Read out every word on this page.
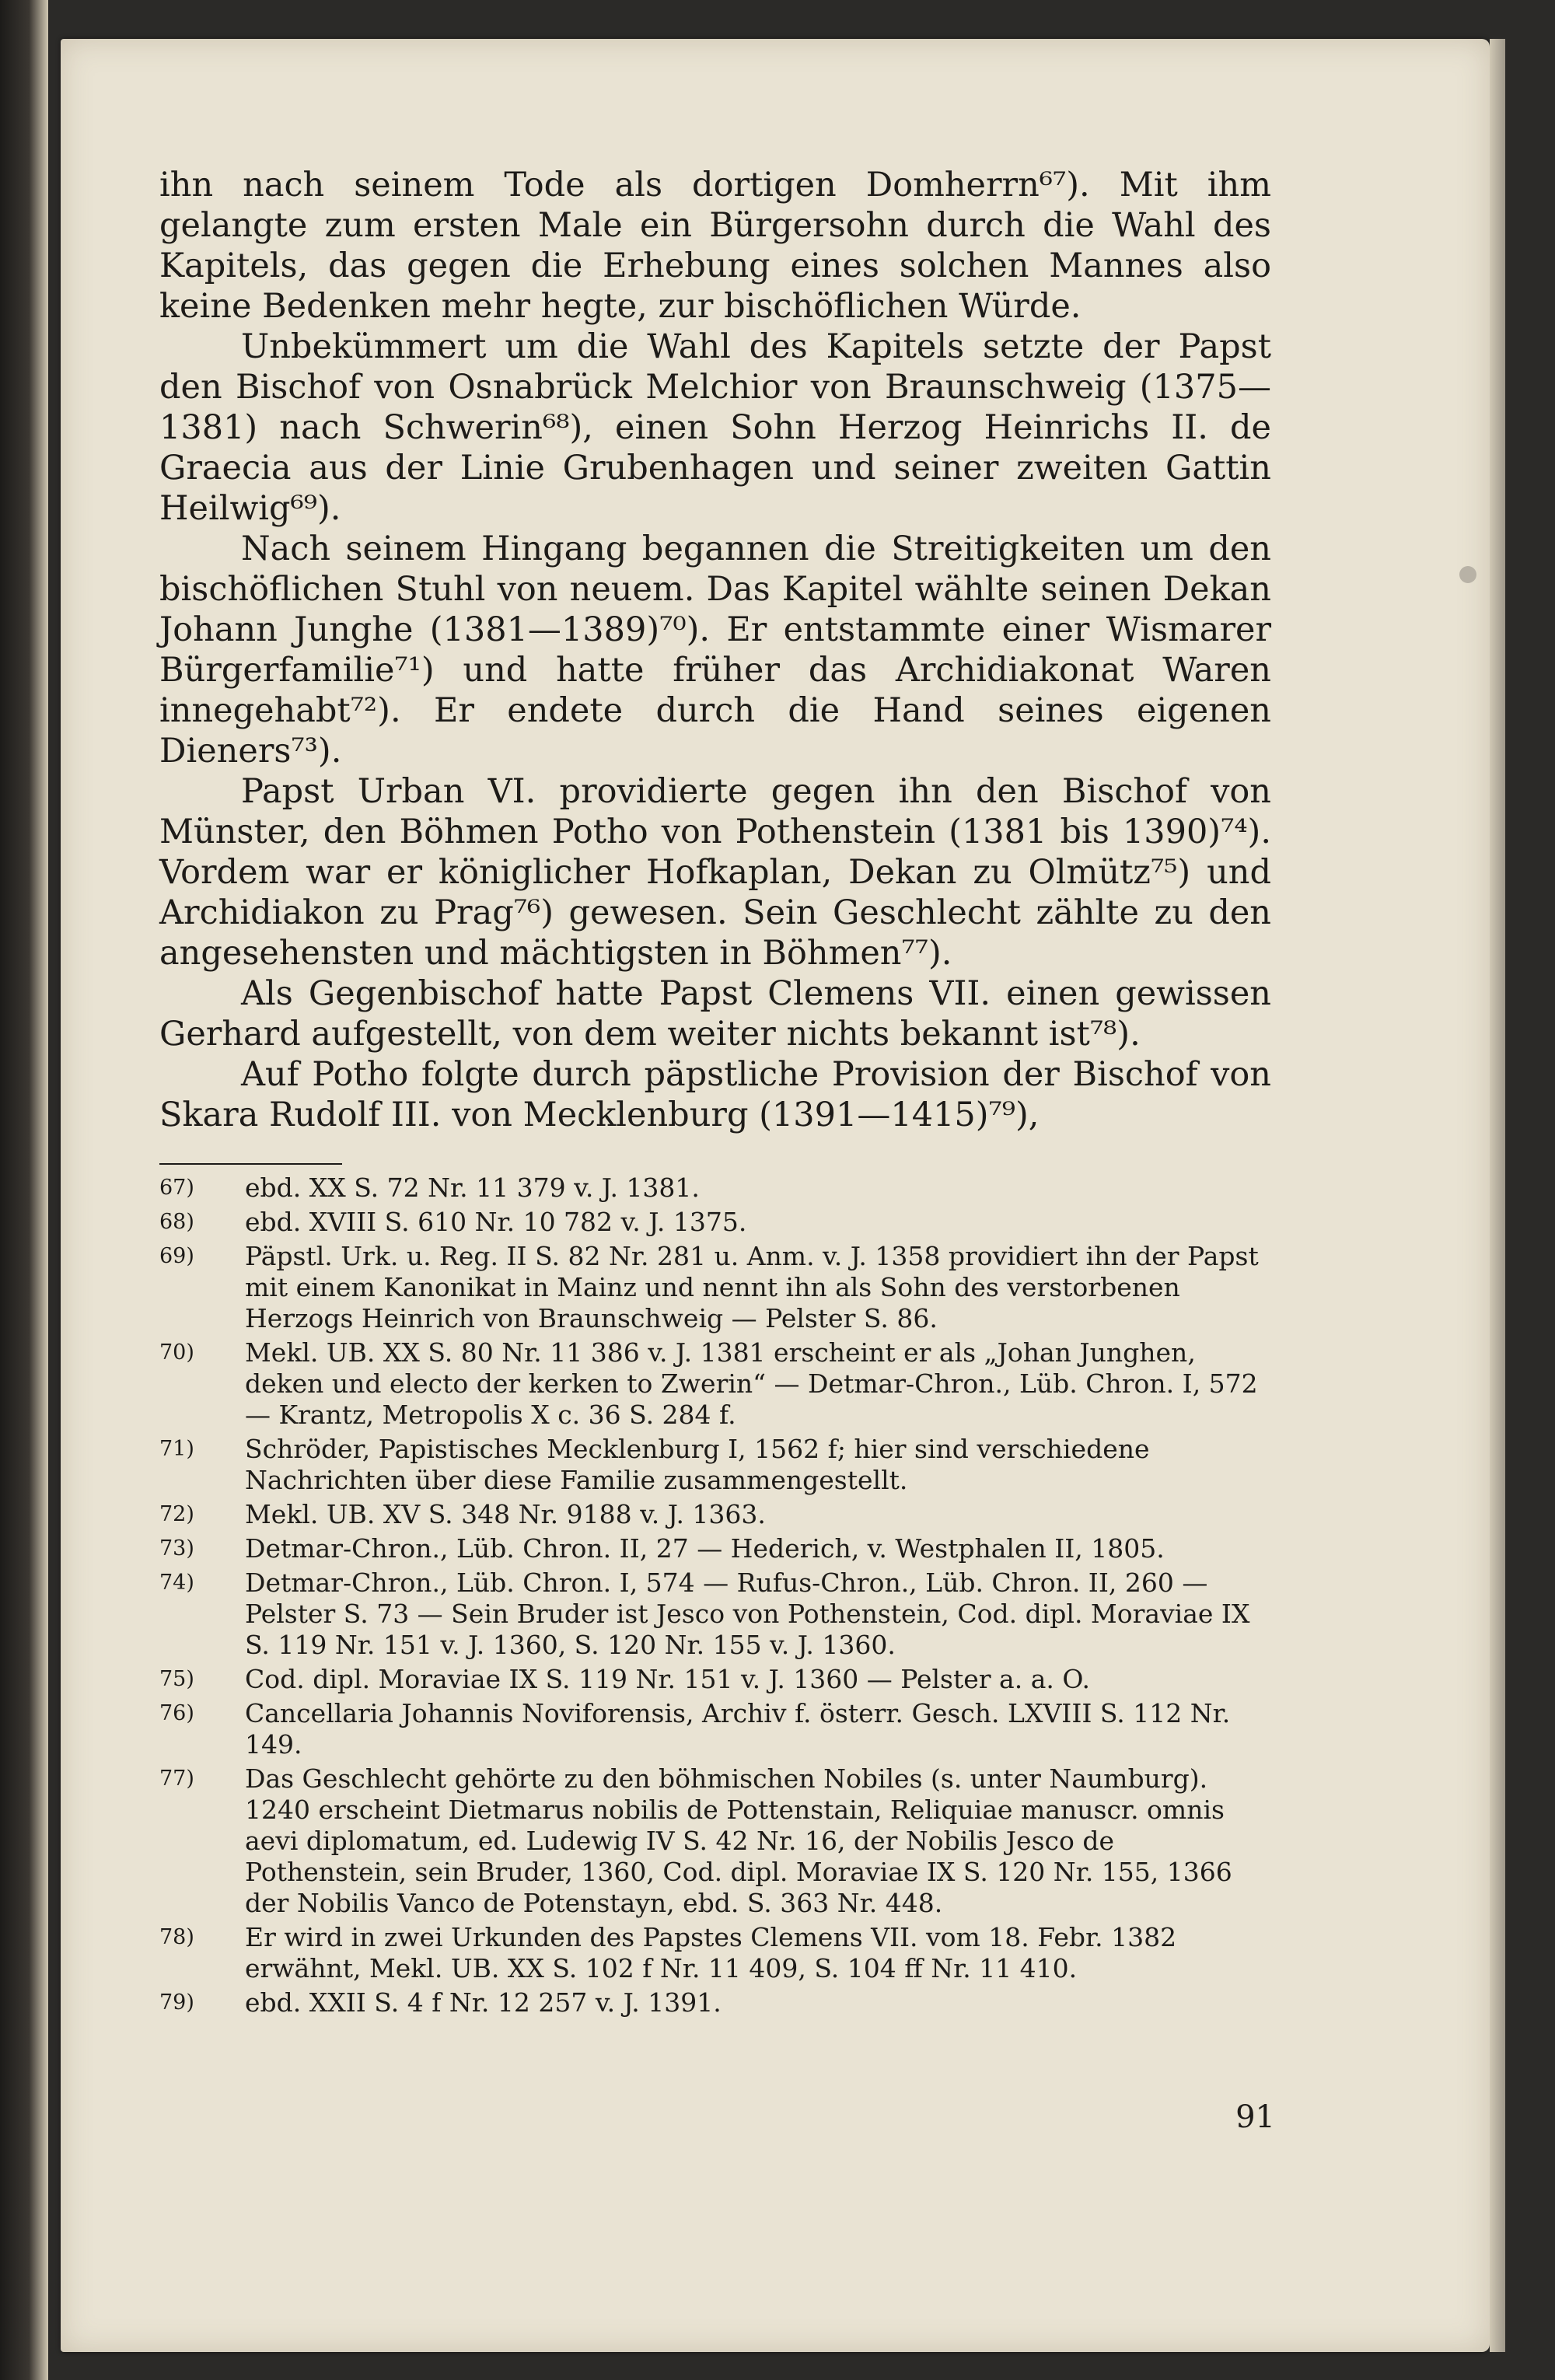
ihn nach seinem Tode als dortigen Domherrn⁶⁷). Mit ihm gelangte zum ersten Male ein Bürgersohn durch die Wahl des Kapitels, das gegen die Erhebung eines solchen Mannes also keine Bedenken mehr hegte, zur bischöflichen Würde.

Unbekümmert um die Wahl des Kapitels setzte der Papst den Bischof von Osnabrück Melchior von Braunschweig (1375—1381) nach Schwerin⁶⁸), einen Sohn Herzog Heinrichs II. de Graecia aus der Linie Grubenhagen und seiner zweiten Gattin Heilwig⁶⁹).

Nach seinem Hingang begannen die Streitigkeiten um den bischöflichen Stuhl von neuem. Das Kapitel wählte seinen Dekan Johann Junghe (1381—1389)⁷⁰). Er entstammte einer Wismarer Bürgerfamilie⁷¹) und hatte früher das Archidiakonat Waren innegehabt⁷²). Er endete durch die Hand seines eigenen Dieners⁷³).

Papst Urban VI. providierte gegen ihn den Bischof von Münster, den Böhmen Potho von Pothenstein (1381 bis 1390)⁷⁴). Vordem war er königlicher Hofkaplan, Dekan zu Olmütz⁷⁵) und Archidiakon zu Prag⁷⁶) gewesen. Sein Geschlecht zählte zu den angesehensten und mächtigsten in Böhmen⁷⁷).

Als Gegenbischof hatte Papst Clemens VII. einen gewissen Gerhard aufgestellt, von dem weiter nichts bekannt ist⁷⁸).

Auf Potho folgte durch päpstliche Provision der Bischof von Skara Rudolf III. von Mecklenburg (1391—1415)⁷⁹),

67)	ebd. XX S. 72 Nr. 11 379 v. J. 1381.
68)	ebd. XVIII S. 610 Nr. 10 782 v. J. 1375.
69)	Päpstl. Urk. u. Reg. II S. 82 Nr. 281 u. Anm. v. J. 1358 providiert ihn der Papst mit einem Kanonikat in Mainz und nennt ihn als Sohn des verstorbenen Herzogs Heinrich von Braunschweig — Pelster S. 86.
70)	Mekl. UB. XX S. 80 Nr. 11 386 v. J. 1381 erscheint er als „Johan Junghen, deken und electo der kerken to Zwerin“ — Detmar-Chron., Lüb. Chron. I, 572 — Krantz, Metropolis X c. 36 S. 284 f.
71)	Schröder, Papistisches Mecklenburg I, 1562 f; hier sind verschiedene Nachrichten über diese Familie zusammengestellt.
72)	Mekl. UB. XV S. 348 Nr. 9188 v. J. 1363.
73)	Detmar-Chron., Lüb. Chron. II, 27 — Hederich, v. Westphalen II, 1805.
74)	Detmar-Chron., Lüb. Chron. I, 574 — Rufus-Chron., Lüb. Chron. II, 260 — Pelster S. 73 — Sein Bruder ist Jesco von Pothenstein, Cod. dipl. Moraviae IX S. 119 Nr. 151 v. J. 1360, S. 120 Nr. 155 v. J. 1360.
75)	Cod. dipl. Moraviae IX S. 119 Nr. 151 v. J. 1360 — Pelster a. a. O.
76)	Cancellaria Johannis Noviforensis, Archiv f. österr. Gesch. LXVIII S. 112 Nr. 149.
77)	Das Geschlecht gehörte zu den böhmischen Nobiles (s. unter Naumburg). 1240 erscheint Dietmarus nobilis de Pottenstain, Reliquiae manuscr. omnis aevi diplomatum, ed. Ludewig IV S. 42 Nr. 16, der Nobilis Jesco de Pothenstein, sein Bruder, 1360, Cod. dipl. Moraviae IX S. 120 Nr. 155, 1366 der Nobilis Vanco de Potenstayn, ebd. S. 363 Nr. 448.
78)	Er wird in zwei Urkunden des Papstes Clemens VII. vom 18. Febr. 1382 erwähnt, Mekl. UB. XX S. 102 f Nr. 11 409, S. 104 ff Nr. 11 410.
79)	ebd. XXII S. 4 f Nr. 12 257 v. J. 1391.
91
